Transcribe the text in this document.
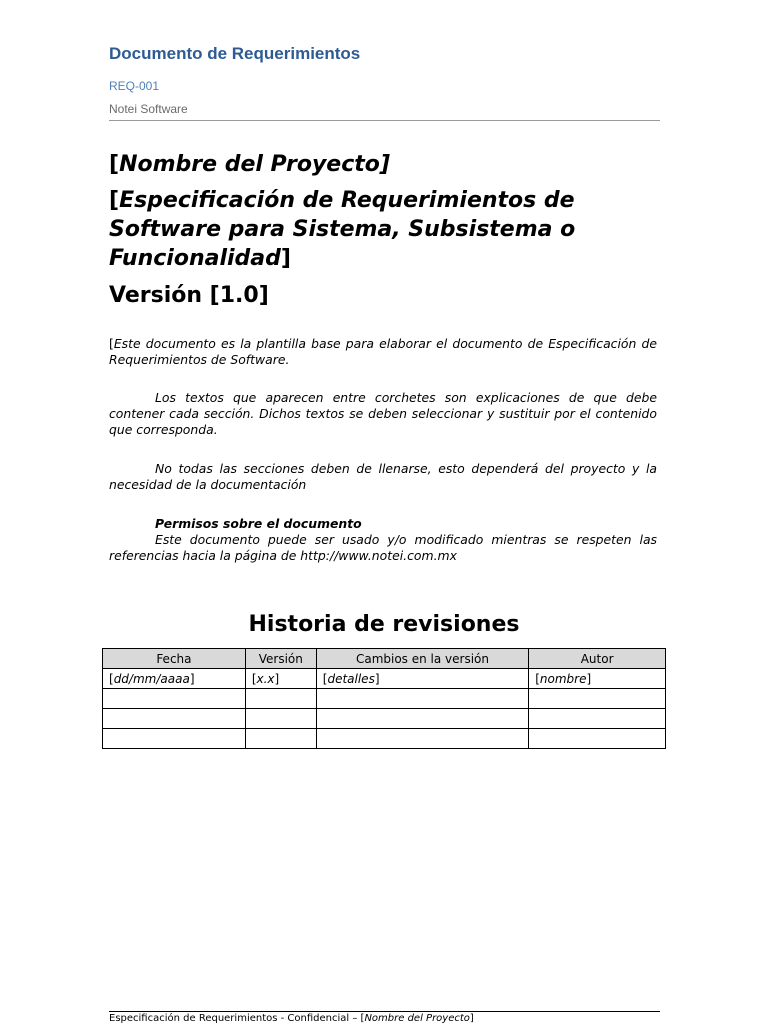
Documento de Requerimientos
REQ-001
Notei Software

[Nombre del Proyecto]

[Especificación de Requerimientos de Software para Sistema, Subsistema o Funcionalidad]

Versión [1.0]

[Este documento es la plantilla base para elaborar el documento de Especificación de Requerimientos de Software.
Los textos que aparecen entre corchetes son explicaciones de que debe contener cada sección. Dichos textos se deben seleccionar y sustituir por el contenido que corresponda.
No todas las secciones deben de llenarse, esto dependerá del proyecto y la necesidad de la documentación
Permisos sobre el documento
Este documento puede ser usado y/o modificado mientras se respeten las referencias hacia la página de http://www.notei.com.mx
Historia de revisiones
Fecha	Versión	Cambios en la versión	Autor
[dd/mm/aaaa]	[x.x]	[detalles]	[nombre]

Especificación de Requerimientos - Confidencial – [Nombre del Proyecto]
